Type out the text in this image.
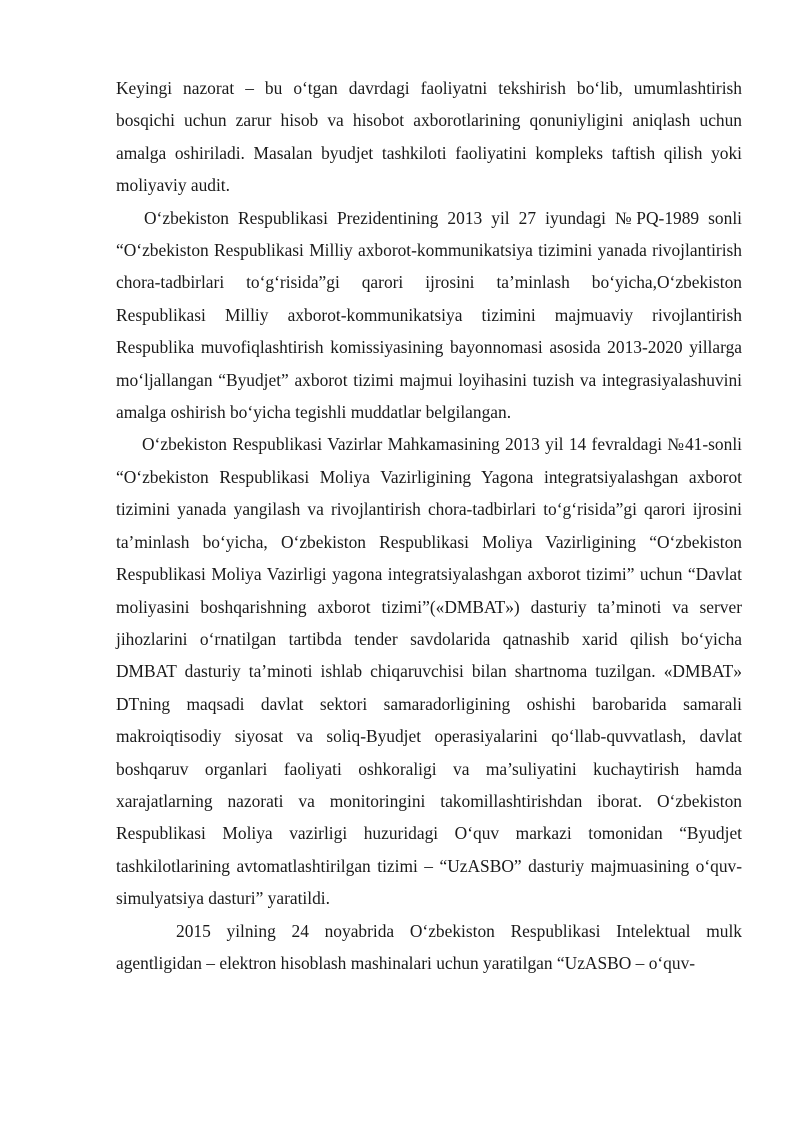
Keyingi nazorat – bu o‘tgan davrdagi faoliyatni tekshirish bo‘lib, umumlashtirish bosqichi uchun zarur hisob va hisobot axborotlarining qonuniyligini aniqlash uchun amalga oshiriladi. Masalan byudjet tashkiloti faoliyatini kompleks taftish qilish yoki moliyaviy audit.

O‘zbekiston Respublikasi Prezidentining 2013 yil 27 iyundagi №PQ-1989 sonli “O‘zbekiston Respublikasi Milliy axborot-kommunikatsiya tizimini yanada rivojlantirish chora-tadbirlari to‘g‘risida”gi qarori ijrosini ta’minlash bo‘yicha,O‘zbekiston Respublikasi Milliy axborot-kommunikatsiya tizimini majmuaviy rivojlantirish Respublika muvofiqlashtirish komissiyasining bayonnomasi asosida 2013-2020 yillarga mo‘ljallangan “Byudjet” axborot tizimi majmui loyihasini tuzish va integrasiyalashuvini amalga oshirish bo‘yicha tegishli muddatlar belgilangan.

O‘zbekiston Respublikasi Vazirlar Mahkamasining 2013 yil 14 fevraldagi №41-sonli “O‘zbekiston Respublikasi Moliya Vazirligining Yagona integratsiyalashgan axborot tizimini yanada yangilash va rivojlantirish chora-tadbirlari to‘g‘risida”gi qarori ijrosini ta’minlash bo‘yicha, O‘zbekiston Respublikasi Moliya Vazirligining “O‘zbekiston Respublikasi Moliya Vazirligi yagona integratsiyalashgan axborot tizimi” uchun “Davlat moliyasini boshqarishning axborot tizimi”(«DMBAT») dasturiy ta’minoti va server jihozlarini o‘rnatilgan tartibda tender savdolarida qatnashib xarid qilish bo‘yicha DMBAT dasturiy ta’minoti ishlab chiqaruvchisi bilan shartnoma tuzilgan. «DMBAT» DTning maqsadi davlat sektori samaradorligining oshishi barobarida samarali makroiqtisodiy siyosat va soliq-Byudjet operasiyalarini qo‘llab-quvvatlash, davlat boshqaruv organlari faoliyati oshkoraligi va ma’suliyatini kuchaytirish hamda xarajatlarning nazorati va monitoringini takomillashtirishdan iborat. O‘zbekiston Respublikasi Moliya vazirligi huzuridagi O‘quv markazi tomonidan “Byudjet tashkilotlarining avtomatlashtirilgan tizimi – “UzASBO” dasturiy majmuasining o‘quv-simulyatsiya dasturi” yaratildi.

2015 yilning 24 noyabrida O‘zbekiston Respublikasi Intelektual mulk agentligidan – elektron hisoblash mashinalari uchun yaratilgan “UzASBO – o‘quv-
